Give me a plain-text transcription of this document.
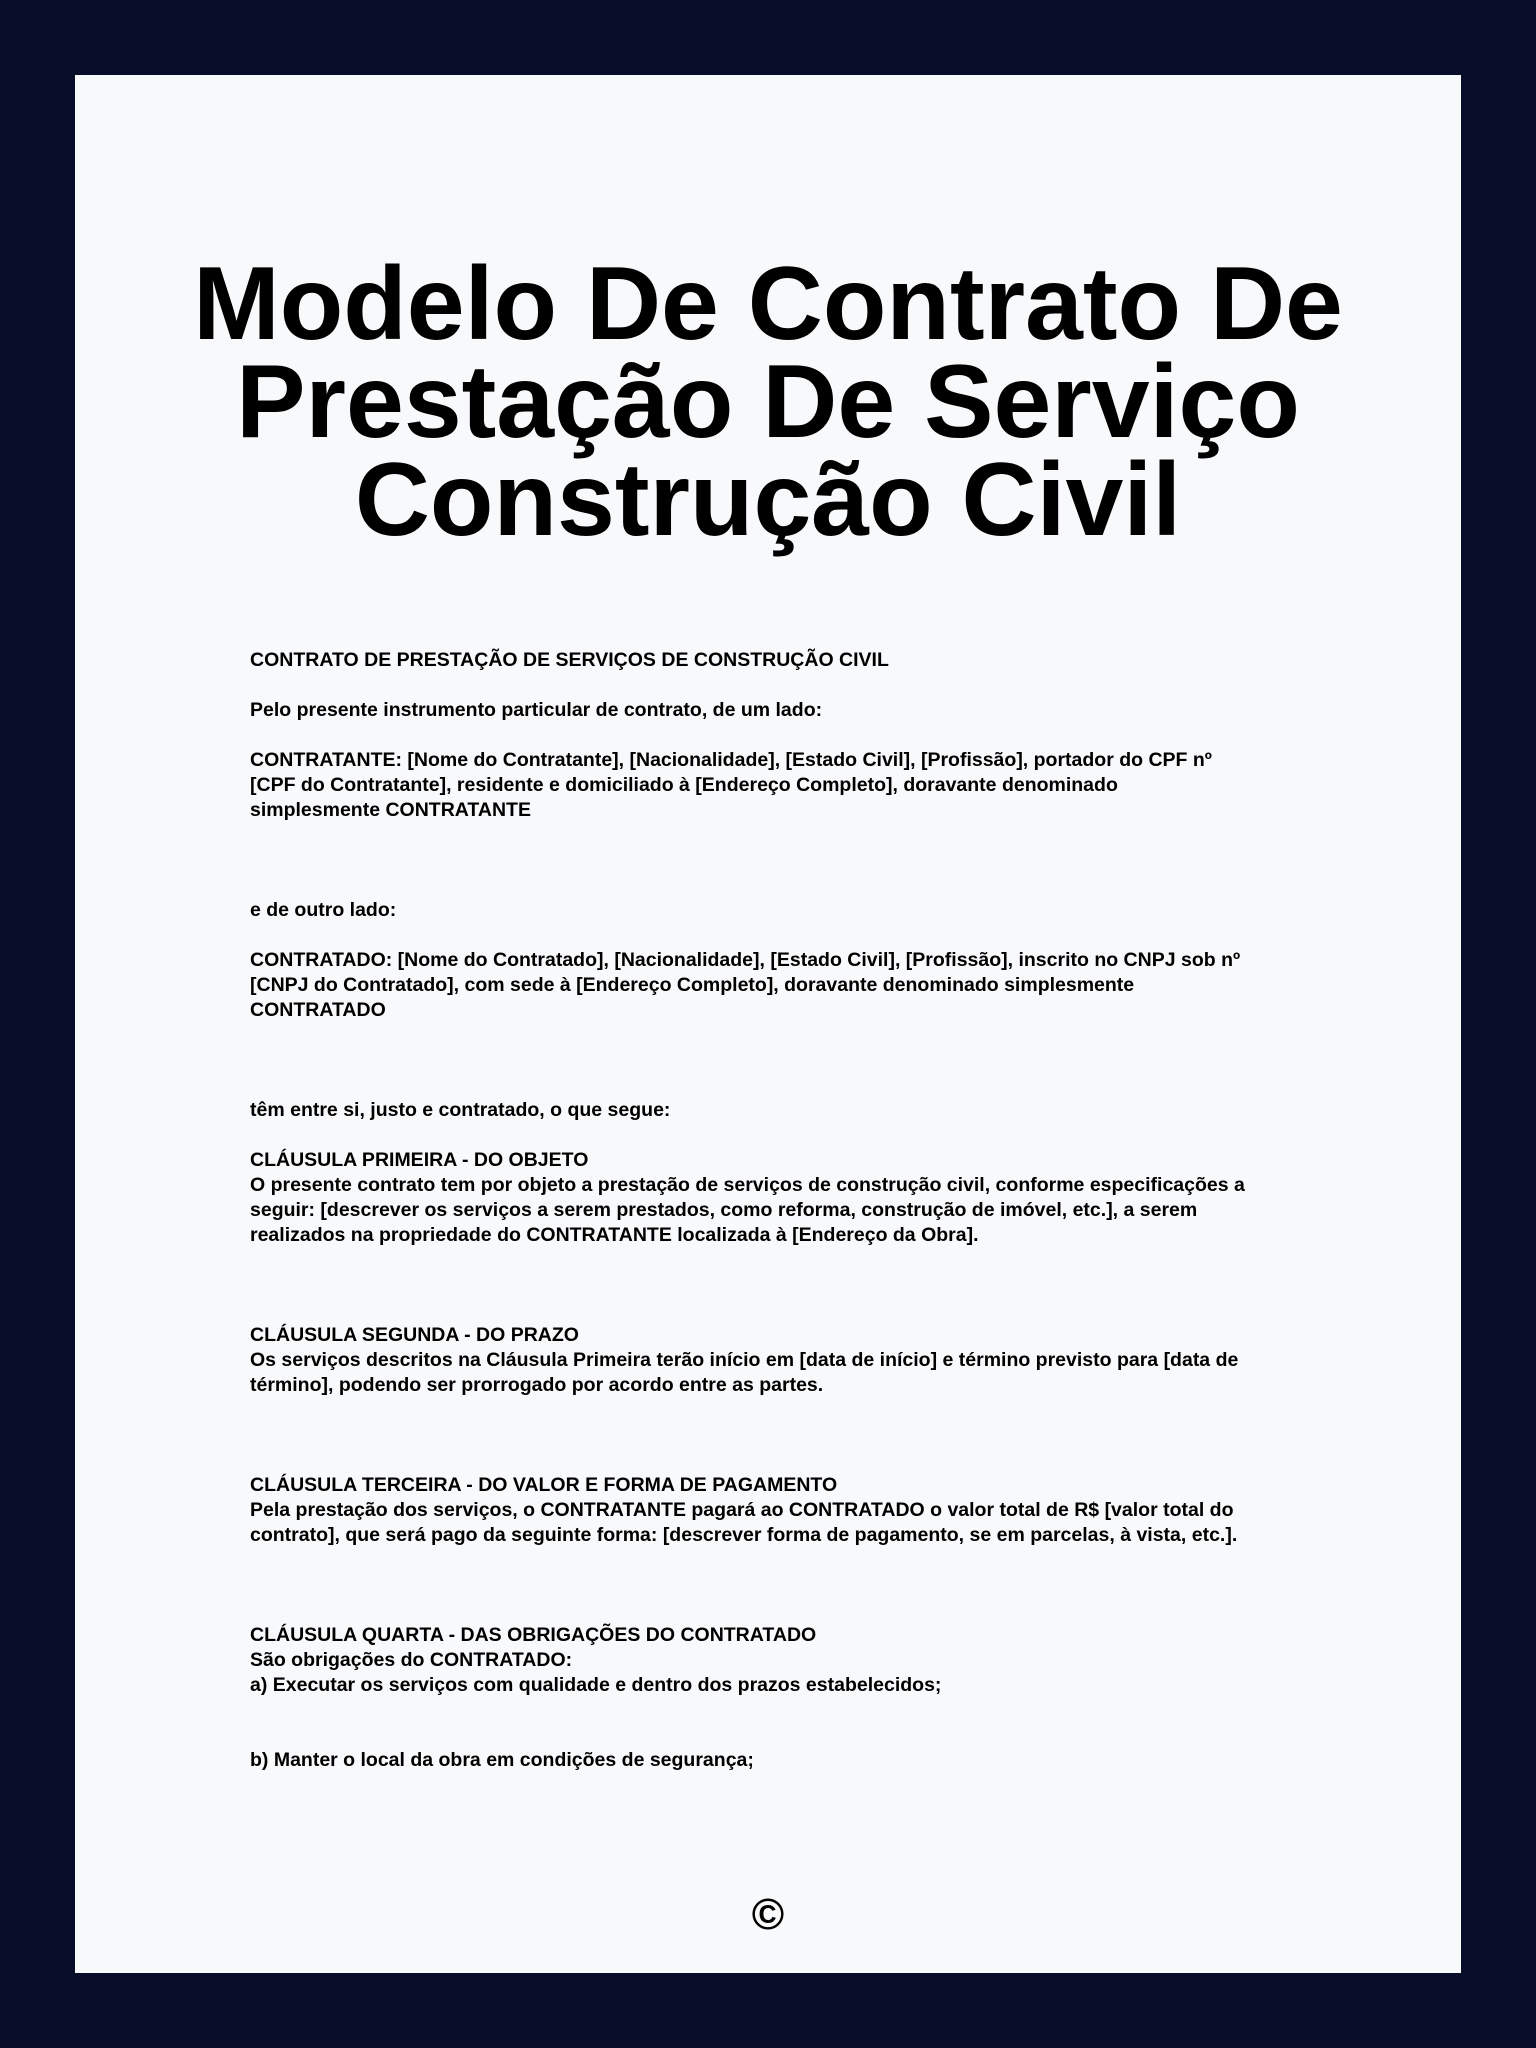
Modelo De Contrato De
Prestação De Serviço
Construção Civil

CONTRATO DE PRESTAÇÃO DE SERVIÇOS DE CONSTRUÇÃO CIVIL

Pelo presente instrumento particular de contrato, de um lado:

CONTRATANTE: [Nome do Contratante], [Nacionalidade], [Estado Civil], [Profissão], portador do CPF nº

[CPF do Contratante], residente e domiciliado à [Endereço Completo], doravante denominado

simplesmente CONTRATANTE

e de outro lado:

CONTRATADO: [Nome do Contratado], [Nacionalidade], [Estado Civil], [Profissão], inscrito no CNPJ sob nº

[CNPJ do Contratado], com sede à [Endereço Completo], doravante denominado simplesmente

CONTRATADO

têm entre si, justo e contratado, o que segue:

CLÁUSULA PRIMEIRA - DO OBJETO

O presente contrato tem por objeto a prestação de serviços de construção civil, conforme especificações a

seguir: [descrever os serviços a serem prestados, como reforma, construção de imóvel, etc.], a serem

realizados na propriedade do CONTRATANTE localizada à [Endereço da Obra].

CLÁUSULA SEGUNDA - DO PRAZO

Os serviços descritos na Cláusula Primeira terão início em [data de início] e término previsto para [data de

término], podendo ser prorrogado por acordo entre as partes.

CLÁUSULA TERCEIRA - DO VALOR E FORMA DE PAGAMENTO

Pela prestação dos serviços, o CONTRATANTE pagará ao CONTRATADO o valor total de R$ [valor total do

contrato], que será pago da seguinte forma: [descrever forma de pagamento, se em parcelas, à vista, etc.].

CLÁUSULA QUARTA - DAS OBRIGAÇÕES DO CONTRATADO

São obrigações do CONTRATADO:

a) Executar os serviços com qualidade e dentro dos prazos estabelecidos;

b) Manter o local da obra em condições de segurança;

©
